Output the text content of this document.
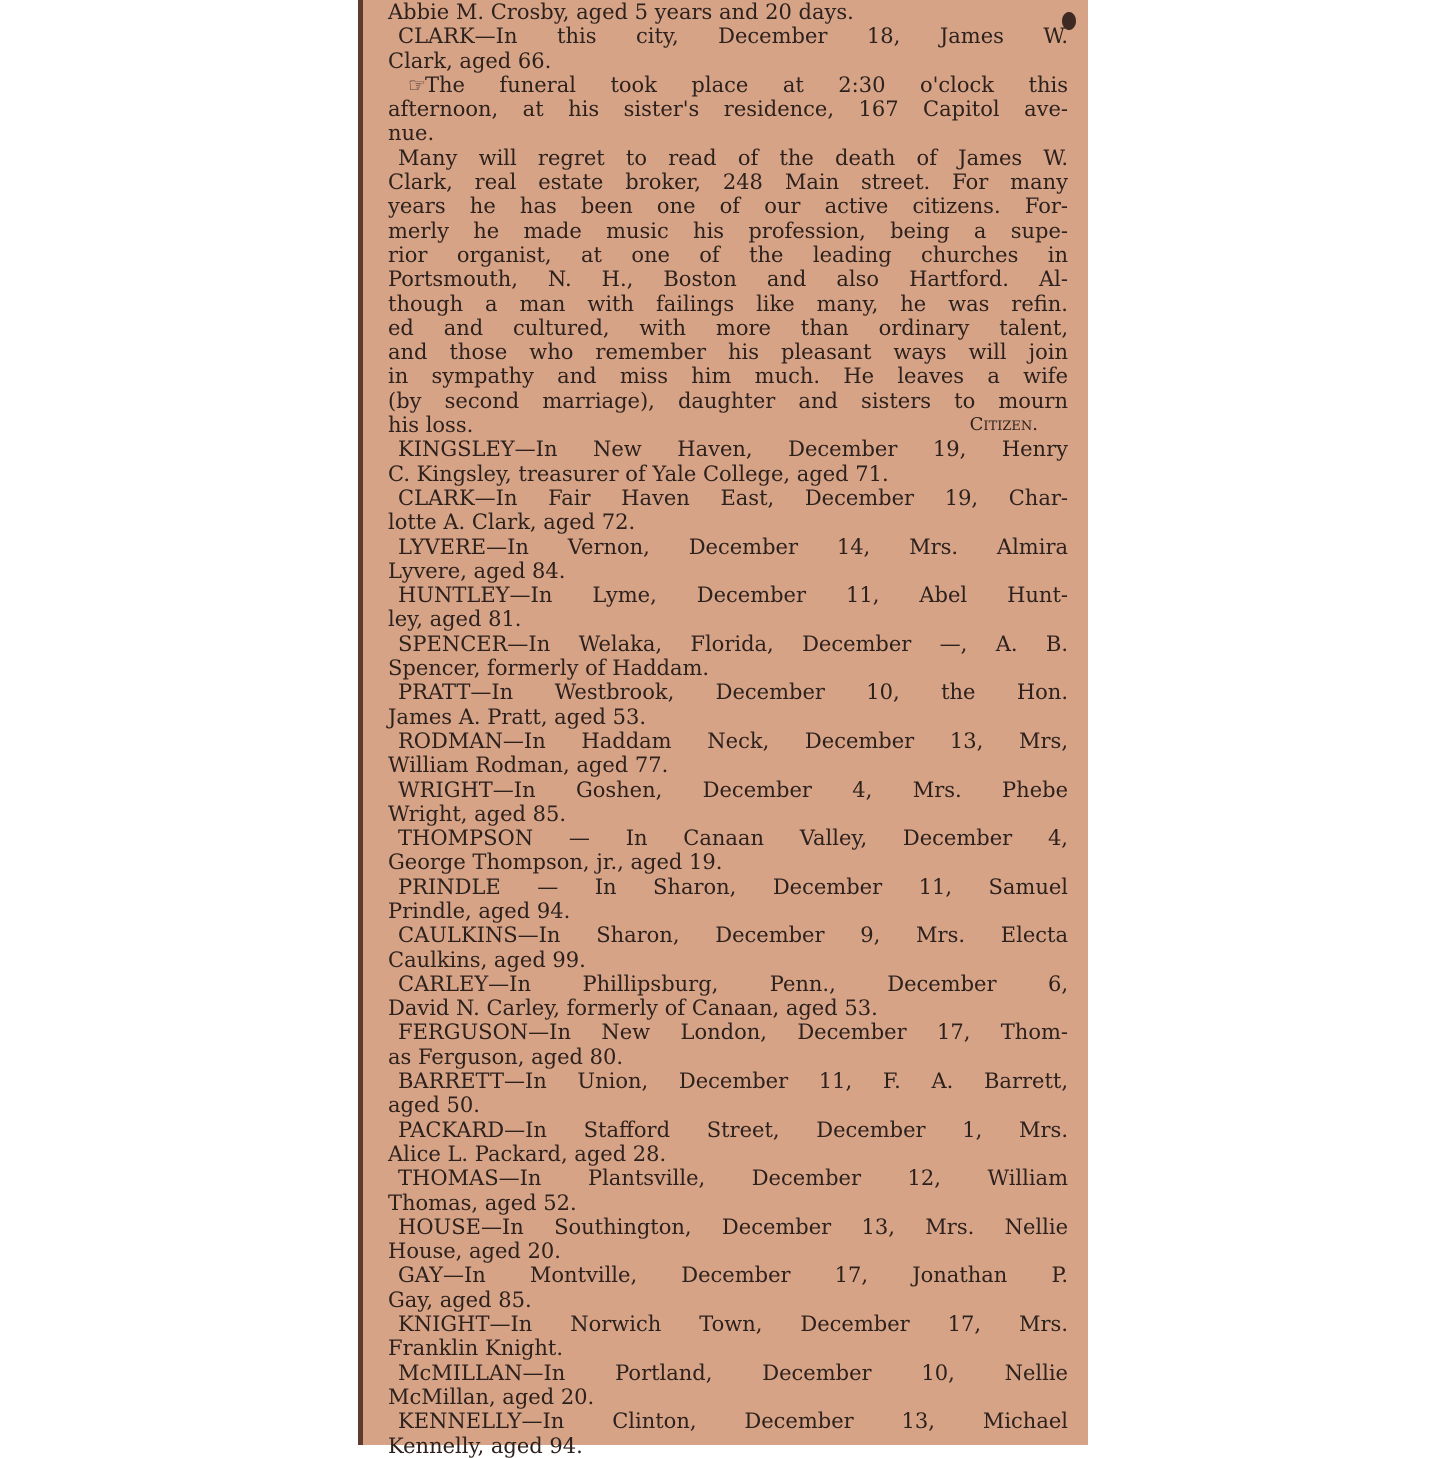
Abbie M. Crosby, aged 5 years and 20 days.

CLARK—In this city, December 18, James W.

Clark, aged 66.

☞The funeral took place at 2:30 o'clock this

afternoon, at his sister's residence, 167 Capitol ave-

nue.

Many will regret to read of the death of James W.

Clark, real estate broker, 248 Main street. For many

years he has been one of our active citizens. For-

merly he made music his profession, being a supe-

rior organist, at one of the leading churches in

Portsmouth, N. H., Boston and also Hartford. Al-

though a man with failings like many, he was refin.

ed and cultured, with more than ordinary talent,

and those who remember his pleasant ways will join

in sympathy and miss him much. He leaves a wife

(by second marriage), daughter and sisters to mourn

his loss.	Citizen.

KINGSLEY—In New Haven, December 19, Henry

C. Kingsley, treasurer of Yale College, aged 71.

CLARK—In Fair Haven East, December 19, Char-

lotte A. Clark, aged 72.

LYVERE—In Vernon, December 14, Mrs. Almira

Lyvere, aged 84.

HUNTLEY—In Lyme, December 11, Abel Hunt-

ley, aged 81.

SPENCER—In Welaka, Florida, December —, A. B.

Spencer, formerly of Haddam.

PRATT—In Westbrook, December 10, the Hon.

James A. Pratt, aged 53.

RODMAN—In Haddam Neck, December 13, Mrs,

William Rodman, aged 77.

WRIGHT—In Goshen, December 4, Mrs. Phebe

Wright, aged 85.

THOMPSON — In Canaan Valley, December 4,

George Thompson, jr., aged 19.

PRINDLE — In Sharon, December 11, Samuel

Prindle, aged 94.

CAULKINS—In Sharon, December 9, Mrs. Electa

Caulkins, aged 99.

CARLEY—In Phillipsburg, Penn., December 6,

David N. Carley, formerly of Canaan, aged 53.

FERGUSON—In New London, December 17, Thom-

as Ferguson, aged 80.

BARRETT—In Union, December 11, F. A. Barrett,

aged 50.

PACKARD—In Stafford Street, December 1, Mrs.

Alice L. Packard, aged 28.

THOMAS—In Plantsville, December 12, William

Thomas, aged 52.

HOUSE—In Southington, December 13, Mrs. Nellie

House, aged 20.

GAY—In Montville, December 17, Jonathan P.

Gay, aged 85.

KNIGHT—In Norwich Town, December 17, Mrs.

Franklin Knight.

McMILLAN—In Portland, December 10, Nellie

McMillan, aged 20.

KENNELLY—In Clinton, December 13, Michael

Kennelly, aged 94.
